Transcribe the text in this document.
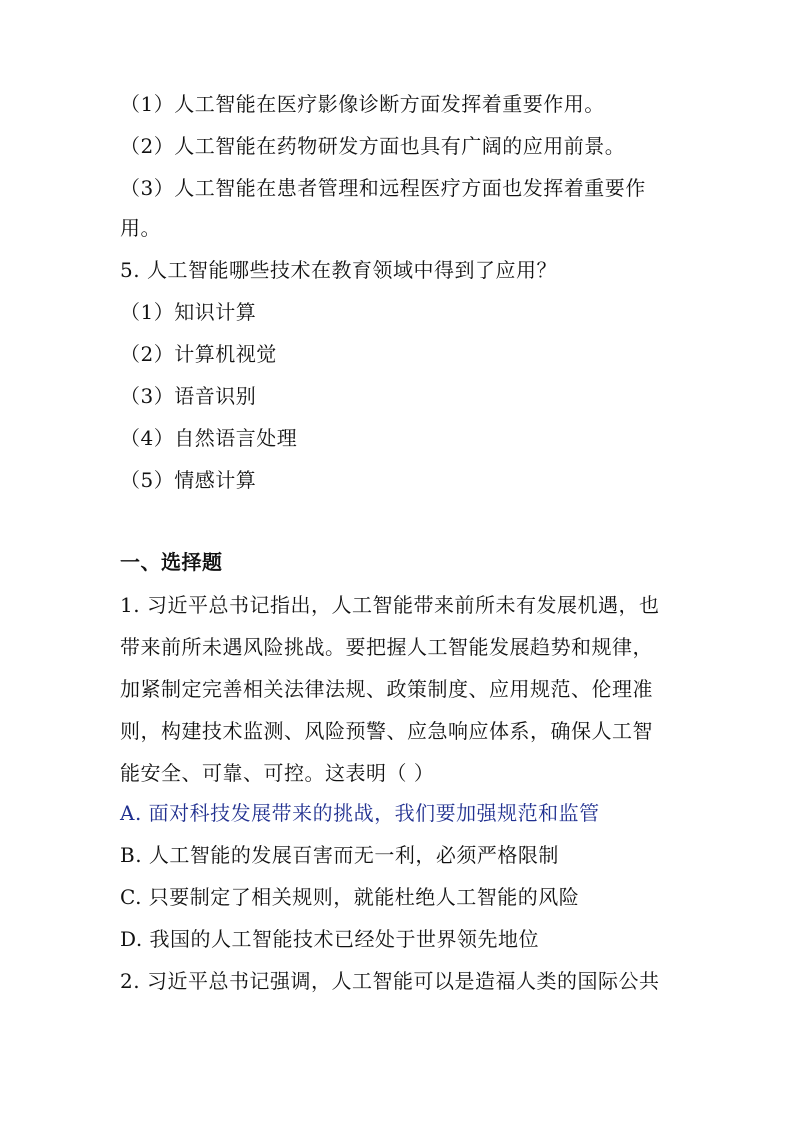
（1）人工智能在医疗影像诊断方面发挥着重要作用。
（2）人工智能在药物研发方面也具有广阔的应用前景。
（3）人工智能在患者管理和远程医疗方面也发挥着重要作
用。
5. 人工智能哪些技术在教育领域中得到了应用？
（1）知识计算
（2）计算机视觉
（3）语音识别
（4）自然语言处理
（5）情感计算
一、选择题
1. 习近平总书记指出，人工智能带来前所未有发展机遇，也
带来前所未遇风险挑战。要把握人工智能发展趋势和规律，
加紧制定完善相关法律法规、政策制度、应用规范、伦理准
则，构建技术监测、风险预警、应急响应体系，确保人工智
能安全、可靠、可控。这表明（ ）
A. 面对科技发展带来的挑战，我们要加强规范和监管
B. 人工智能的发展百害而无一利，必须严格限制
C. 只要制定了相关规则，就能杜绝人工智能的风险
D. 我国的人工智能技术已经处于世界领先地位
2. 习近平总书记强调，人工智能可以是造福人类的国际公共
